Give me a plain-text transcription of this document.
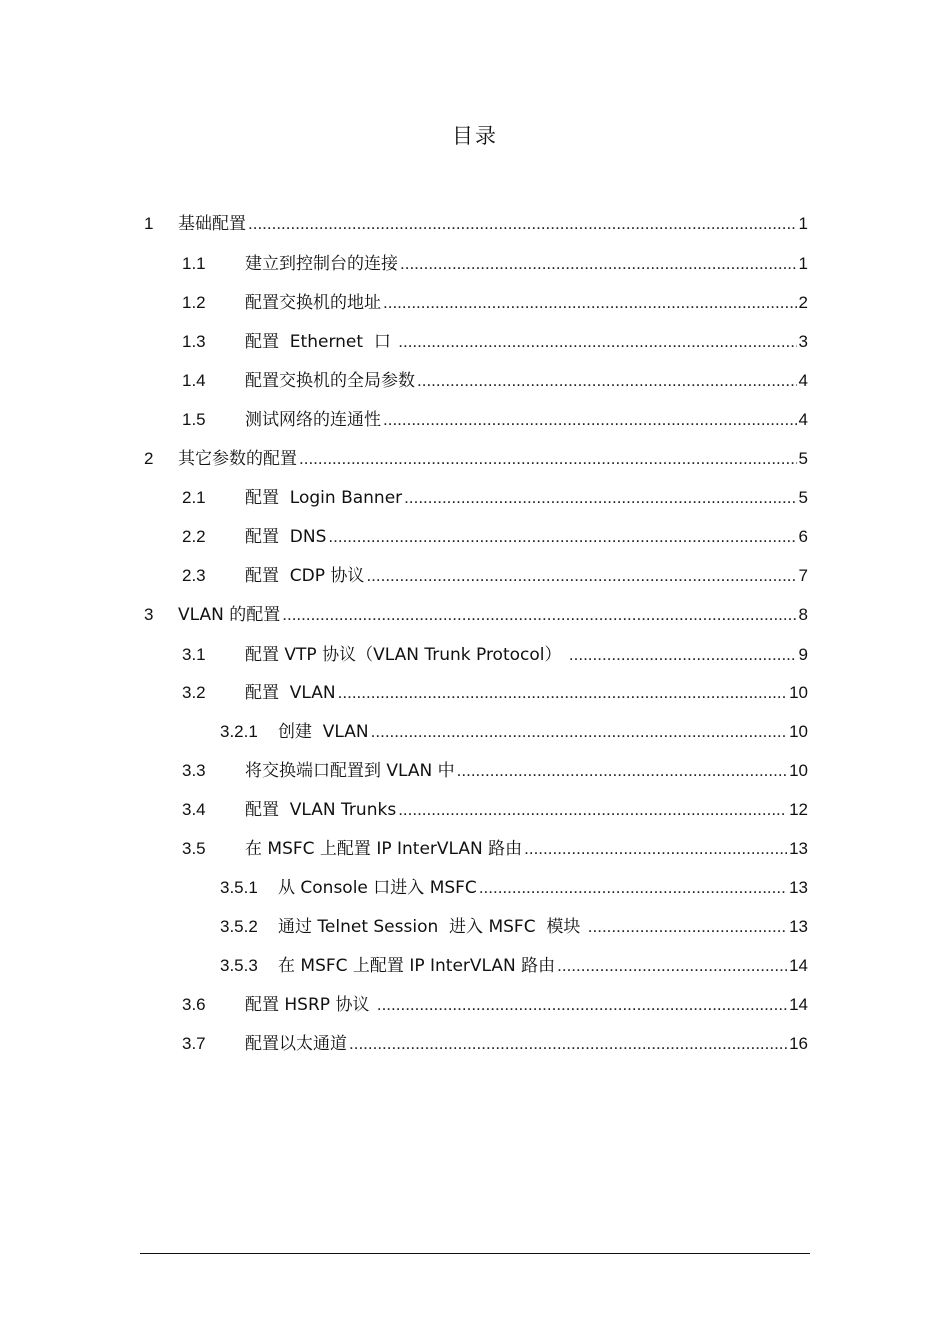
目录
1	基础配置 .....	1
1.1	建立到控制台的连接 .....	1
1.2	配置交换机的地址 .....	2
1.3	配置  Ethernet  口 .....	3
1.4	配置交换机的全局参数 .....	4
1.5	测试网络的连通性 .....	4
2	其它参数的配置 .....	5
2.1	配置  Login Banner .....	5
2.2	配置  DNS .....	6
2.3	配置  CDP 协议 .....	7
3	VLAN 的配置 .....	8
3.1	配置 VTP 协议（VLAN Trunk Protocol） .....	9
3.2	配置  VLAN .....	10
3.2.1	创建  VLAN .....	10
3.3	将交换端口配置到 VLAN 中 .....	10
3.4	配置  VLAN Trunks .....	12
3.5	在 MSFC 上配置 IP InterVLAN 路由 .....	13
3.5.1	从 Console 口进入 MSFC .....	13
3.5.2	通过 Telnet Session  进入 MSFC  模块 .....	13
3.5.3	在 MSFC 上配置 IP InterVLAN 路由 .....	14
3.6	配置 HSRP 协议 .....	14
3.7	配置以太通道 .....	16
